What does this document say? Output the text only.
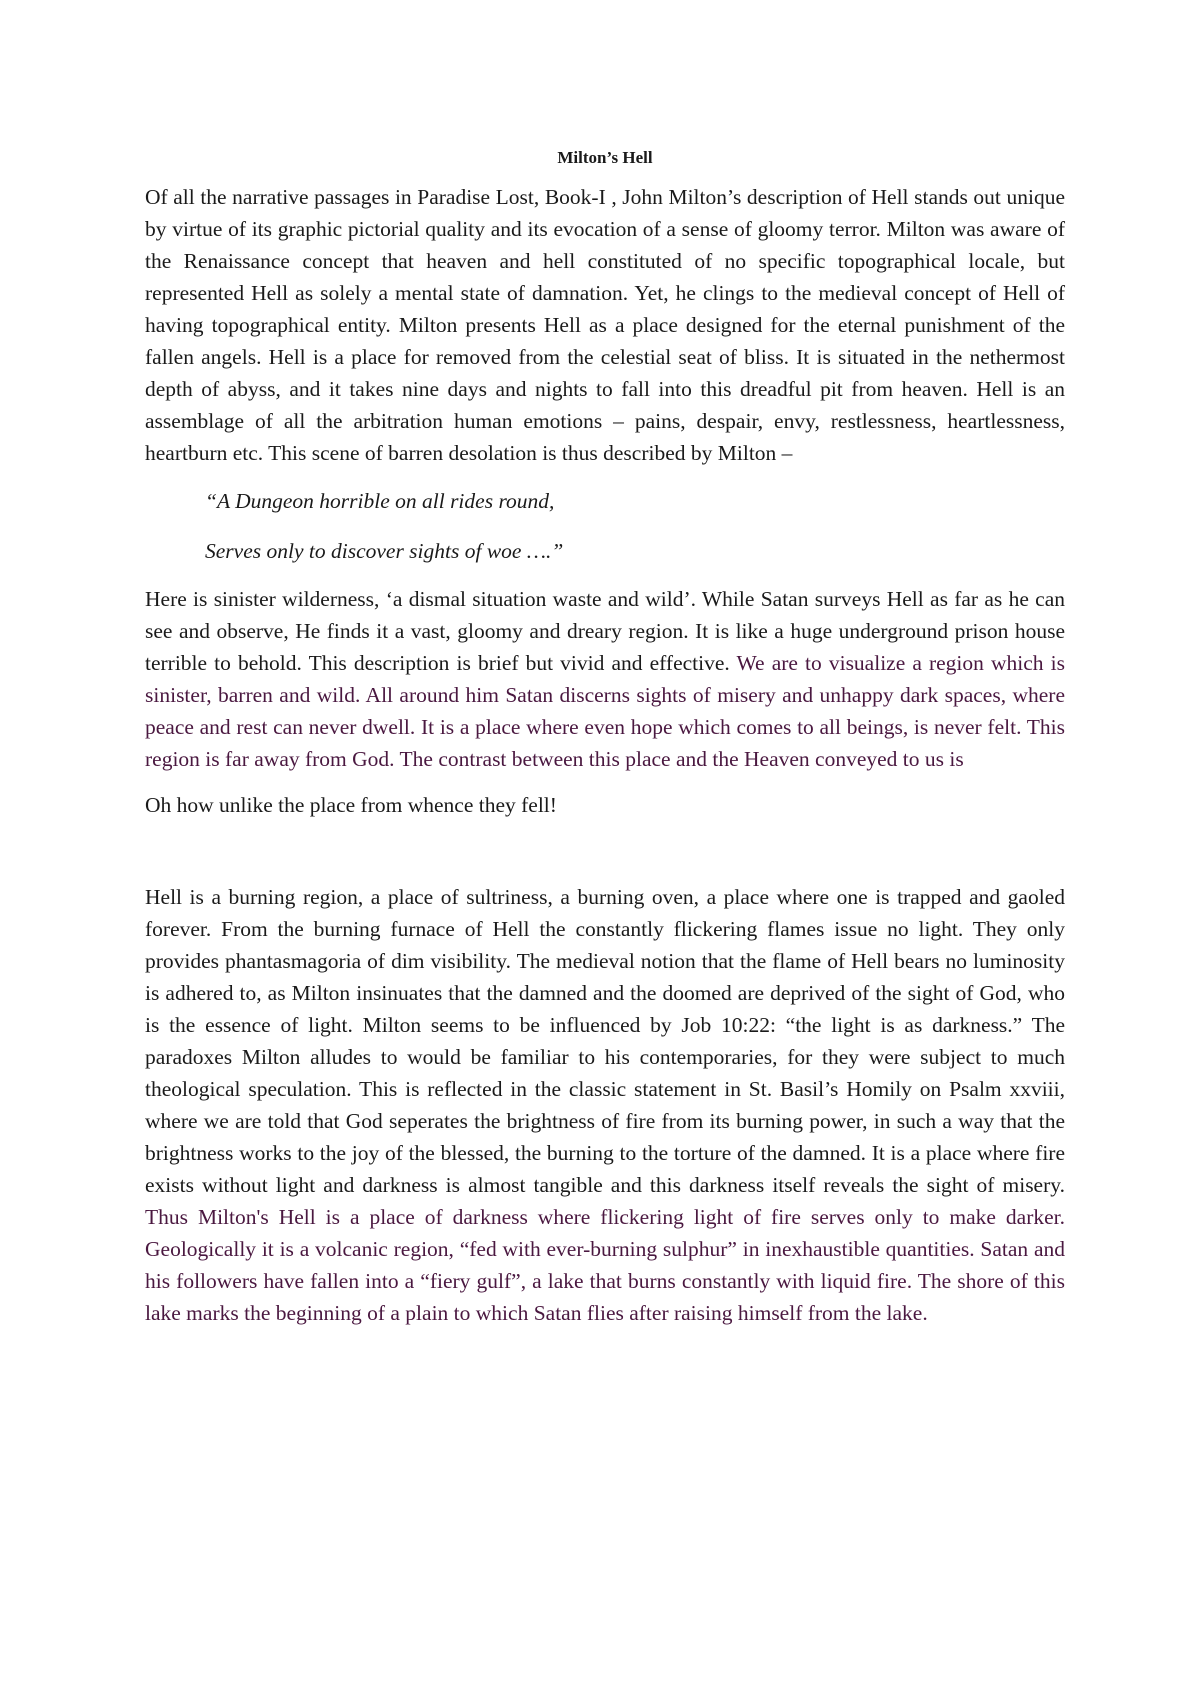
Milton’s Hell

Of all the narrative passages in Paradise Lost, Book-I , John Milton’s description of Hell stands out unique by virtue of its graphic pictorial quality and its evocation of a sense of gloomy terror. Milton was aware of the Renaissance concept that heaven and hell constituted of no specific topographical locale, but represented Hell as solely a mental state of damnation. Yet, he clings to the medieval concept of Hell of having topographical entity. Milton presents Hell as a place designed for the eternal punishment of the fallen angels. Hell is a place for removed from the celestial seat of bliss. It is situated in the nethermost depth of abyss, and it takes nine days and nights to fall into this dreadful pit from heaven. Hell is an assemblage of all the arbitration human emotions – pains, despair, envy, restlessness, heartlessness, heartburn etc. This scene of barren desolation is thus described by Milton –

“A Dungeon horrible on all rides round,

Serves only to discover sights of woe ….”

Here is sinister wilderness, ‘a dismal situation waste and wild’. While Satan surveys Hell as far as he can see and observe, He finds it a vast, gloomy and dreary region. It is like a huge underground prison house terrible to behold. This description is brief but vivid and effective. We are to visualize a region which is sinister, barren and wild. All around him Satan discerns sights of misery and unhappy dark spaces, where peace and rest can never dwell. It is a place where even hope which comes to all beings, is never felt. This region is far away from God. The contrast between this place and the Heaven conveyed to us is

Oh how unlike the place from whence they fell!

Hell is a burning region, a place of sultriness, a burning oven, a place where one is trapped and gaoled forever. From the burning furnace of Hell the constantly flickering flames issue no light. They only provides phantasmagoria of dim visibility. The medieval notion that the flame of Hell bears no luminosity is adhered to, as Milton insinuates that the damned and the doomed are deprived of the sight of God, who is the essence of light. Milton seems to be influenced by Job 10:22: “the light is as darkness.” The paradoxes Milton alludes to would be familiar to his contemporaries, for they were subject to much theological speculation. This is reflected in the classic statement in St. Basil’s Homily on Psalm xxviii, where we are told that God seperates the brightness of fire from its burning power, in such a way that the brightness works to the joy of the blessed, the burning to the torture of the damned. It is a place where fire exists without light and darkness is almost tangible and this darkness itself reveals the sight of misery. Thus Milton's Hell is a place of darkness where flickering light of fire serves only to make darker. Geologically it is a volcanic region, “fed with ever-burning sulphur” in inexhaustible quantities. Satan and his followers have fallen into a “fiery gulf”, a lake that burns constantly with liquid fire. The shore of this lake marks the beginning of a plain to which Satan flies after raising himself from the lake.
